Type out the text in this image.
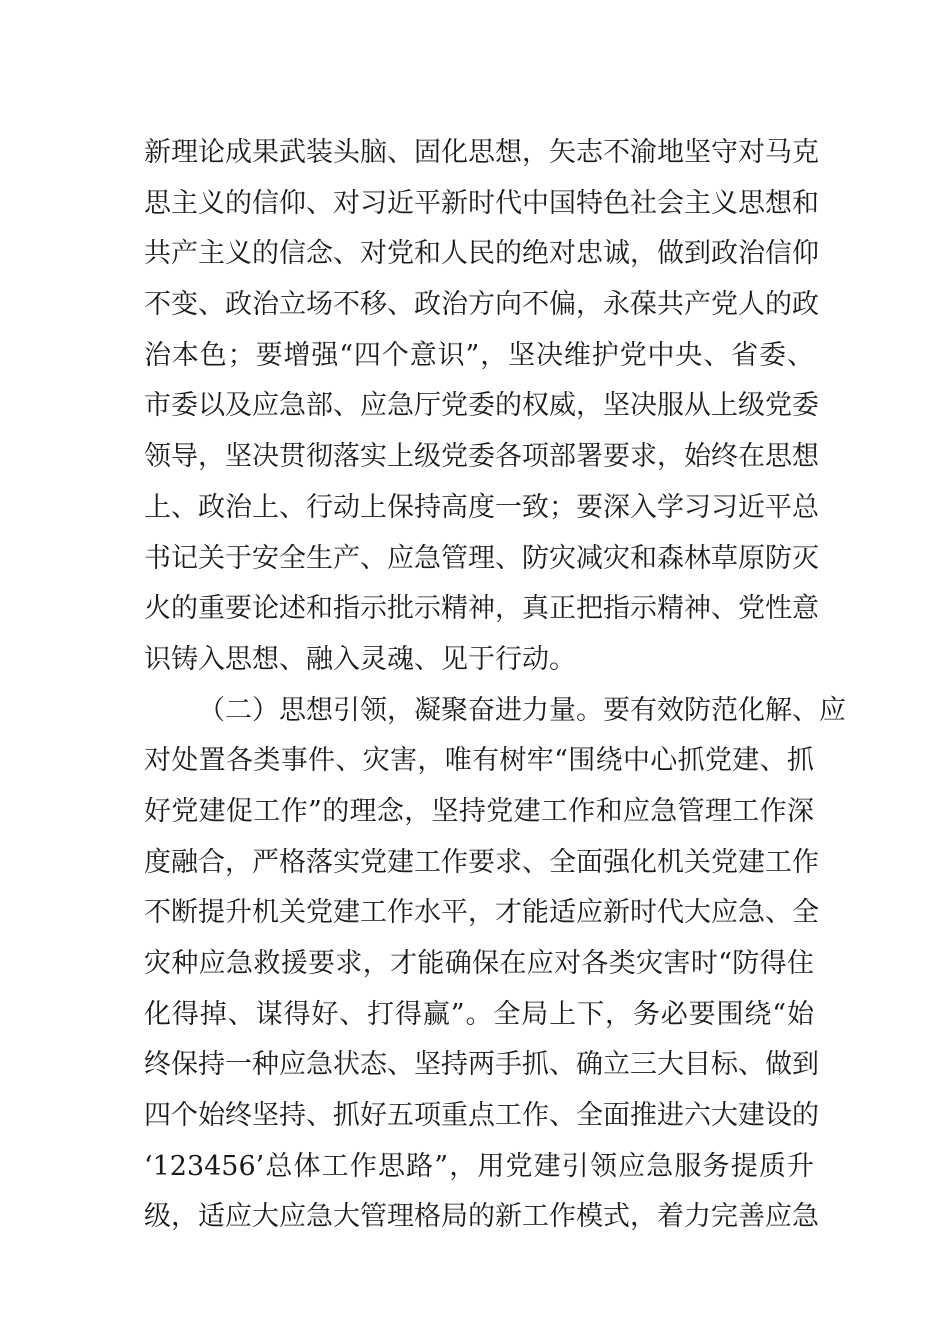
新理论成果武装头脑、固化思想，矢志不渝地坚守对马克
思主义的信仰、对习近平新时代中国特色社会主义思想和
共产主义的信念、对党和人民的绝对忠诚，做到政治信仰
不变、政治立场不移、政治方向不偏，永葆共产党人的政
治本色；要增强“四个意识”，坚决维护党中央、省委、
市委以及应急部、应急厅党委的权威，坚决服从上级党委
领导，坚决贯彻落实上级党委各项部署要求，始终在思想
上、政治上、行动上保持高度一致；要深入学习习近平总
书记关于安全生产、应急管理、防灾减灾和森林草原防灭
火的重要论述和指示批示精神，真正把指示精神、党性意
识铸入思想、融入灵魂、见于行动。
（二）思想引领，凝聚奋进力量。要有效防范化解、应
对处置各类事件、灾害，唯有树牢“围绕中心抓党建、抓
好党建促工作”的理念，坚持党建工作和应急管理工作深
度融合，严格落实党建工作要求、全面强化机关党建工作
不断提升机关党建工作水平，才能适应新时代大应急、全
灾种应急救援要求，才能确保在应对各类灾害时“防得住
化得掉、谋得好、打得赢”。全局上下，务必要围绕“始
终保持一种应急状态、坚持两手抓、确立三大目标、做到
四个始终坚持、抓好五项重点工作、全面推进六大建设的
‘123456’总体工作思路”，用党建引领应急服务提质升
级，适应大应急大管理格局的新工作模式，着力完善应急
